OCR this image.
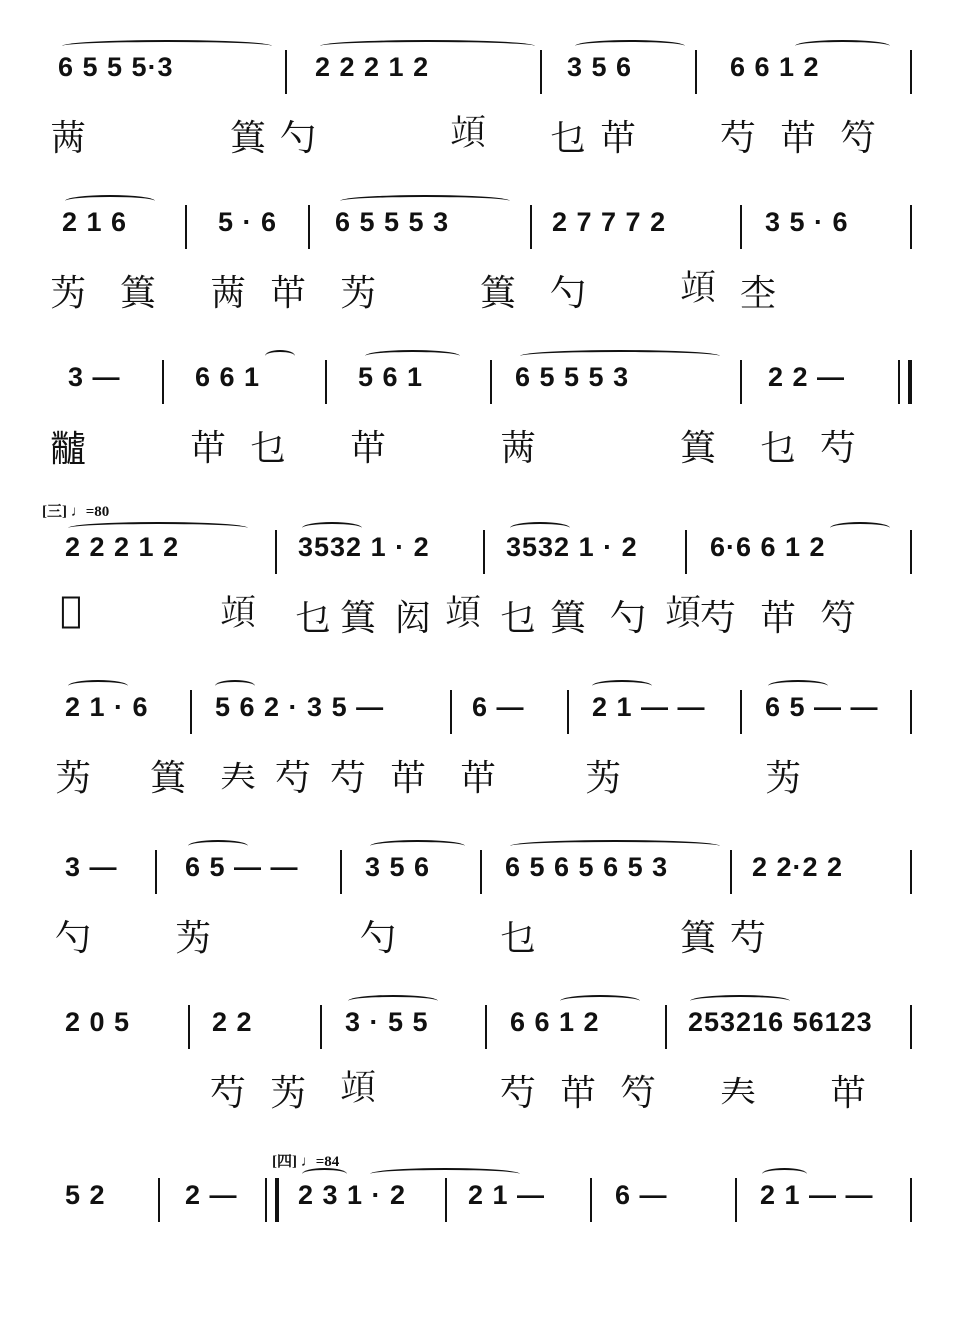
6 5 5 5·3	2 2 2 1 2	3 5 6	6 6 1 2
𬜯	䈯 勺	𥪙 乜 𦬕 芍 𦬕 𥫩
2 1 6	5 · 6 6 5 5 5 3	2 7 7 7 2	3 5 · 6
𫇭 䈯 𬜯 𦬕 𫇭	䈯 勺 𥪙 杢
3 —	6 6 1	5 6 1	6 5 5 5 3	2 2 —
𪓐	𦬕 乜 𦬕	𬜯	䈯 乜 芍
[三] ♩=80
2 2 2 1 2	3532 1 · 2	3532 1 · 2	6·6 6 1 2
𰂌	𥪙 乜 䈯 闳 𥪙 乜 䈯 勺 𥪙
芍 𦬕 𥫩
2 1 · 6 5 6 2 · 3 5 —	6 — 2 1 — — 6 5 — —
𫇭 䈯 𡗗 芍 芍 𦬕 𦬕 𫇭	𫇭
3 — 6 5 — — 3 5 6	6 5 6 5 6 5 3	2 2·2 2
勺 𫇭	勺	乜	䈯 芍
2 0 5	2 2	3 · 5 5	6 6 1 2	253216 56123
芍 𫇭 𥪙	芍 𦬕 𥫩 𡗗 𦬕
[四] ♩=84
5 2	2 — 2 3 1 · 2 2 1 —	6 —	2 1 — —
